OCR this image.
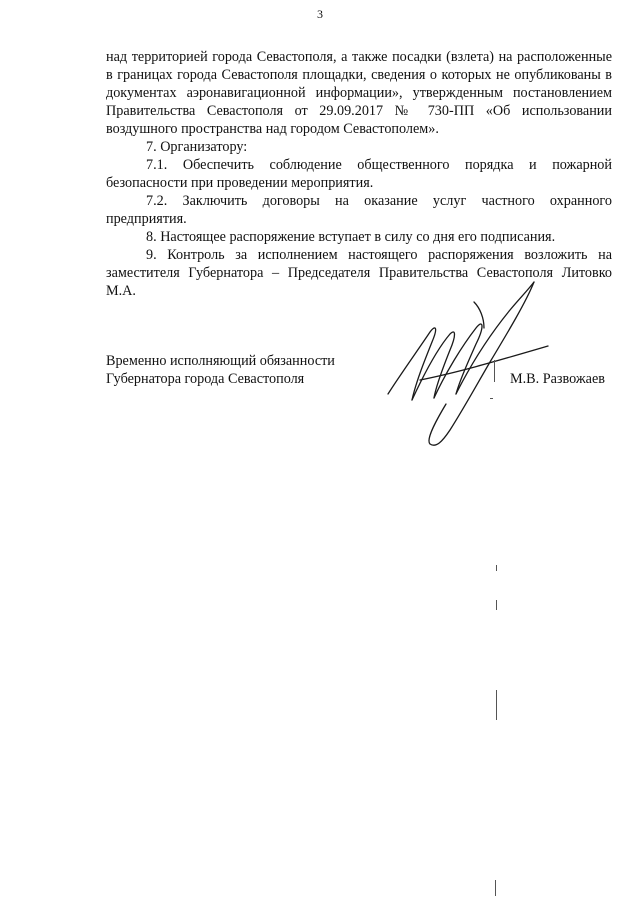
3

над территорией города Севастополя, а также посадки (взлета) на расположенные в границах города Севастополя площадки, сведения о которых не опубликованы в документах аэронавигационной информации», утвержденным постановлением Правительства Севастополя от 29.09.2017 № 730-ПП «Об использовании воздушного пространства над городом Севастополем».

7. Организатору:

7.1. Обеспечить соблюдение общественного порядка и пожарной безопасности при проведении мероприятия.

7.2. Заключить договоры на оказание услуг частного охранного предприятия.

8. Настоящее распоряжение вступает в силу со дня его подписания.

9. Контроль за исполнением настоящего распоряжения возложить на заместителя Губернатора – Председателя Правительства Севастополя Литовко М.А.

Временно исполняющий обязанности
Губернатора города Севастополя	М.В. Развожаев
